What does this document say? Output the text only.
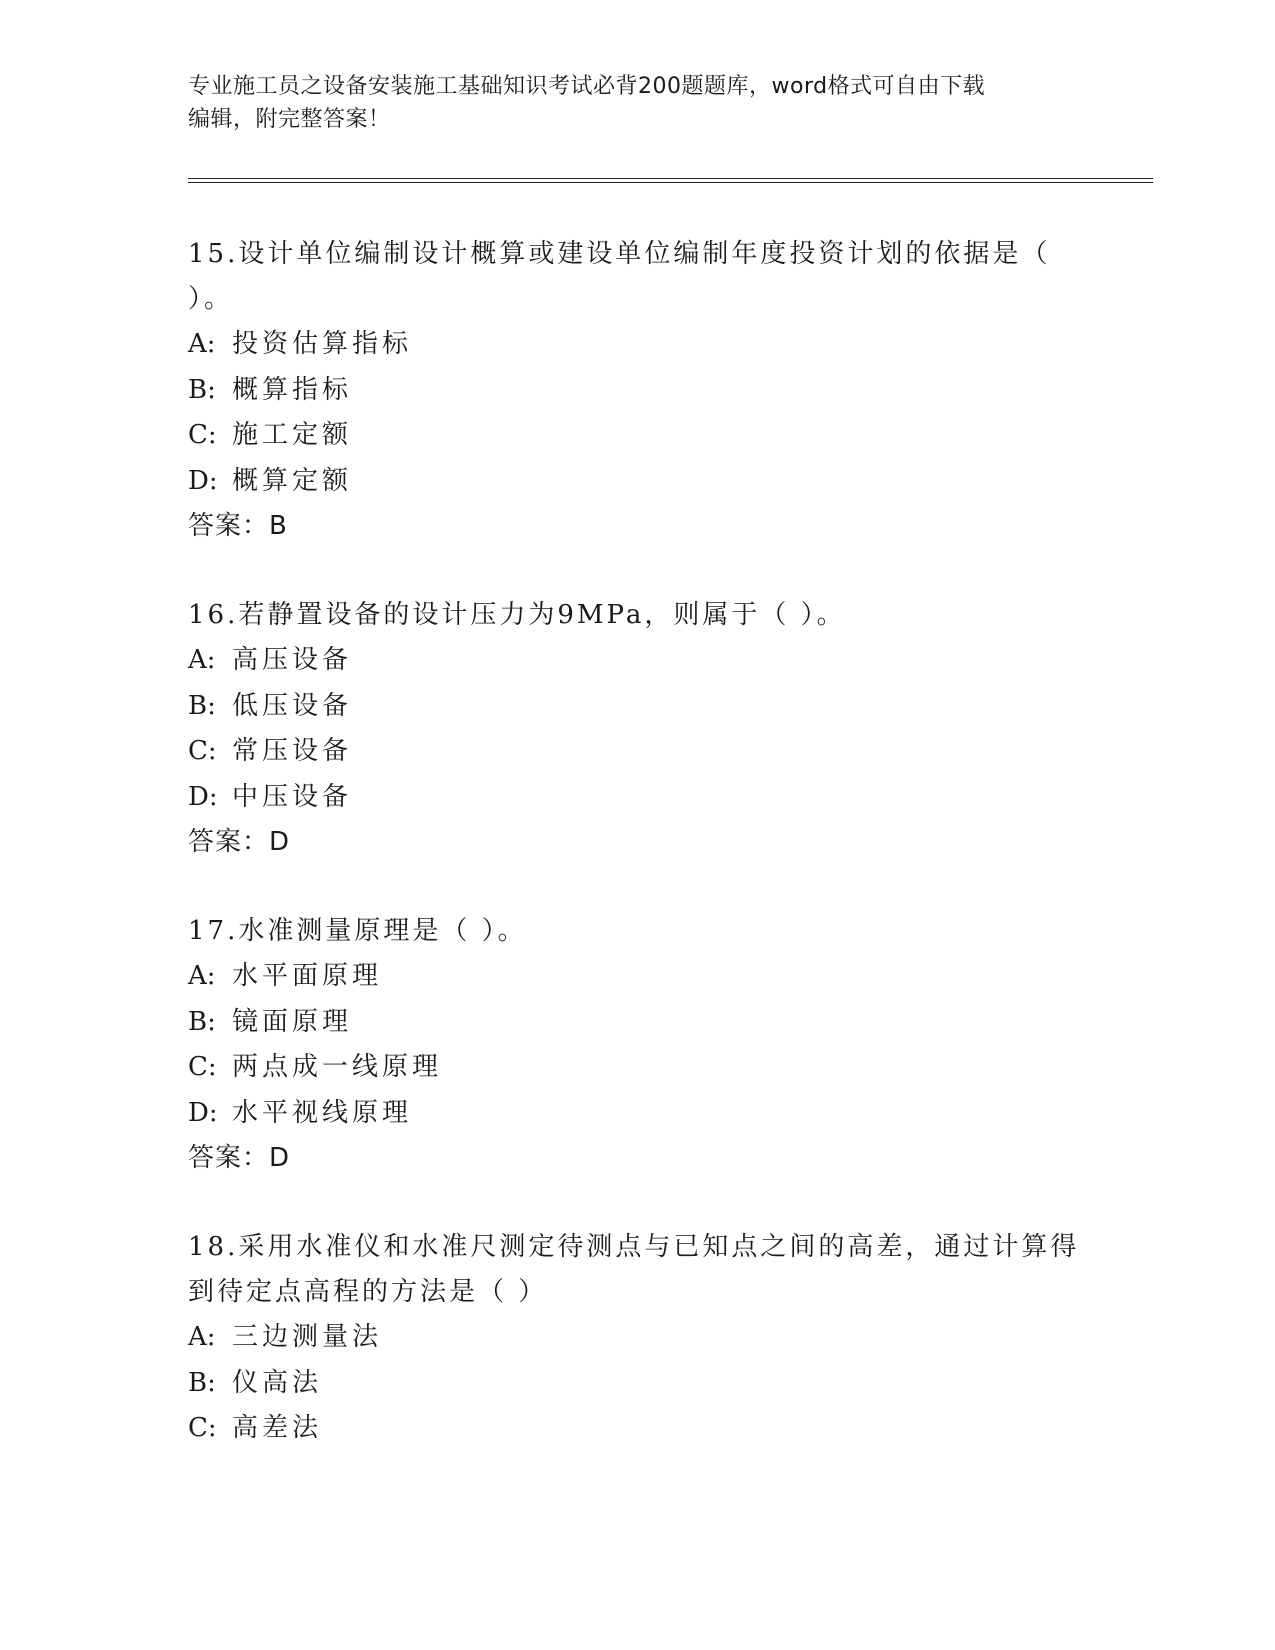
专业施工员之设备安装施工基础知识考试必背200题题库，word格式可自由下载
编辑，附完整答案！
15.设计单位编制设计概算或建设单位编制年度投资计划的依据是（
）。
A: 投资估算指标
B: 概算指标
C: 施工定额
D: 概算定额
答案：B
16.若静置设备的设计压力为9MPa，则属于（ ）。
A: 高压设备
B: 低压设备
C: 常压设备
D: 中压设备
答案：D
17.水准测量原理是（ ）。
A: 水平面原理
B: 镜面原理
C: 两点成一线原理
D: 水平视线原理
答案：D
18.采用水准仪和水准尺测定待测点与已知点之间的高差，通过计算得
到待定点高程的方法是（ ）
A: 三边测量法
B: 仪高法
C: 高差法
